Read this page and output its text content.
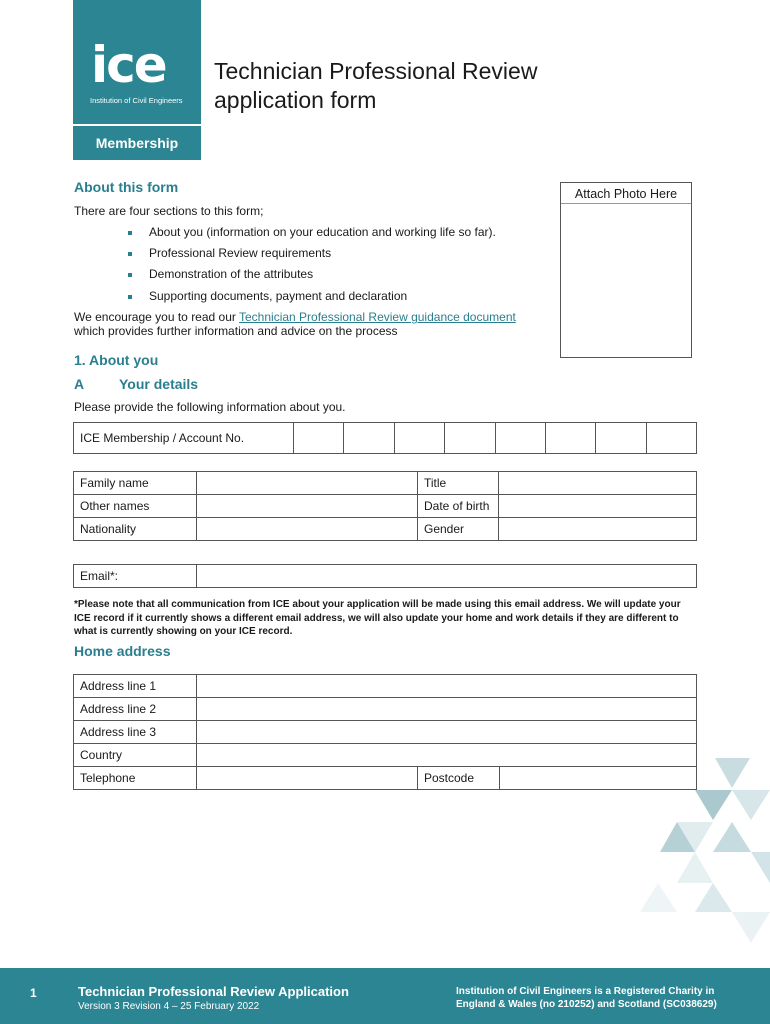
ice
Institution of Civil Engineers
Membership
Technician Professional Review application form
About this form
There are four sections to this form;
About you (information on your education and working life so far).
Professional Review requirements
Demonstration of the attributes
Supporting documents, payment and declaration
We encourage you to read our Technician Professional Review guidance document
which provides further information and advice on the process
Attach Photo Here
1. About you
A Your details
Please provide the following information about you.
ICE Membership / Account No.								
Family name		Title	
Other names		Date of birth	
Nationality		Gender	
Email*:	
*Please note that all communication from ICE about your application will be made using this email address. We will update your ICE record if it currently shows a different email address, we will also update your home and work details if they are different to what is currently showing on your ICE record.
Home address
Address line 1			
Address line 2			
Address line 3			
Country			
Telephone		Postcode	
1	Technician Professional Review Application
Version 3 Revision 4 – 25 February 2022
Institution of Civil Engineers is a Registered Charity in
England & Wales (no 210252) and Scotland (SC038629)
